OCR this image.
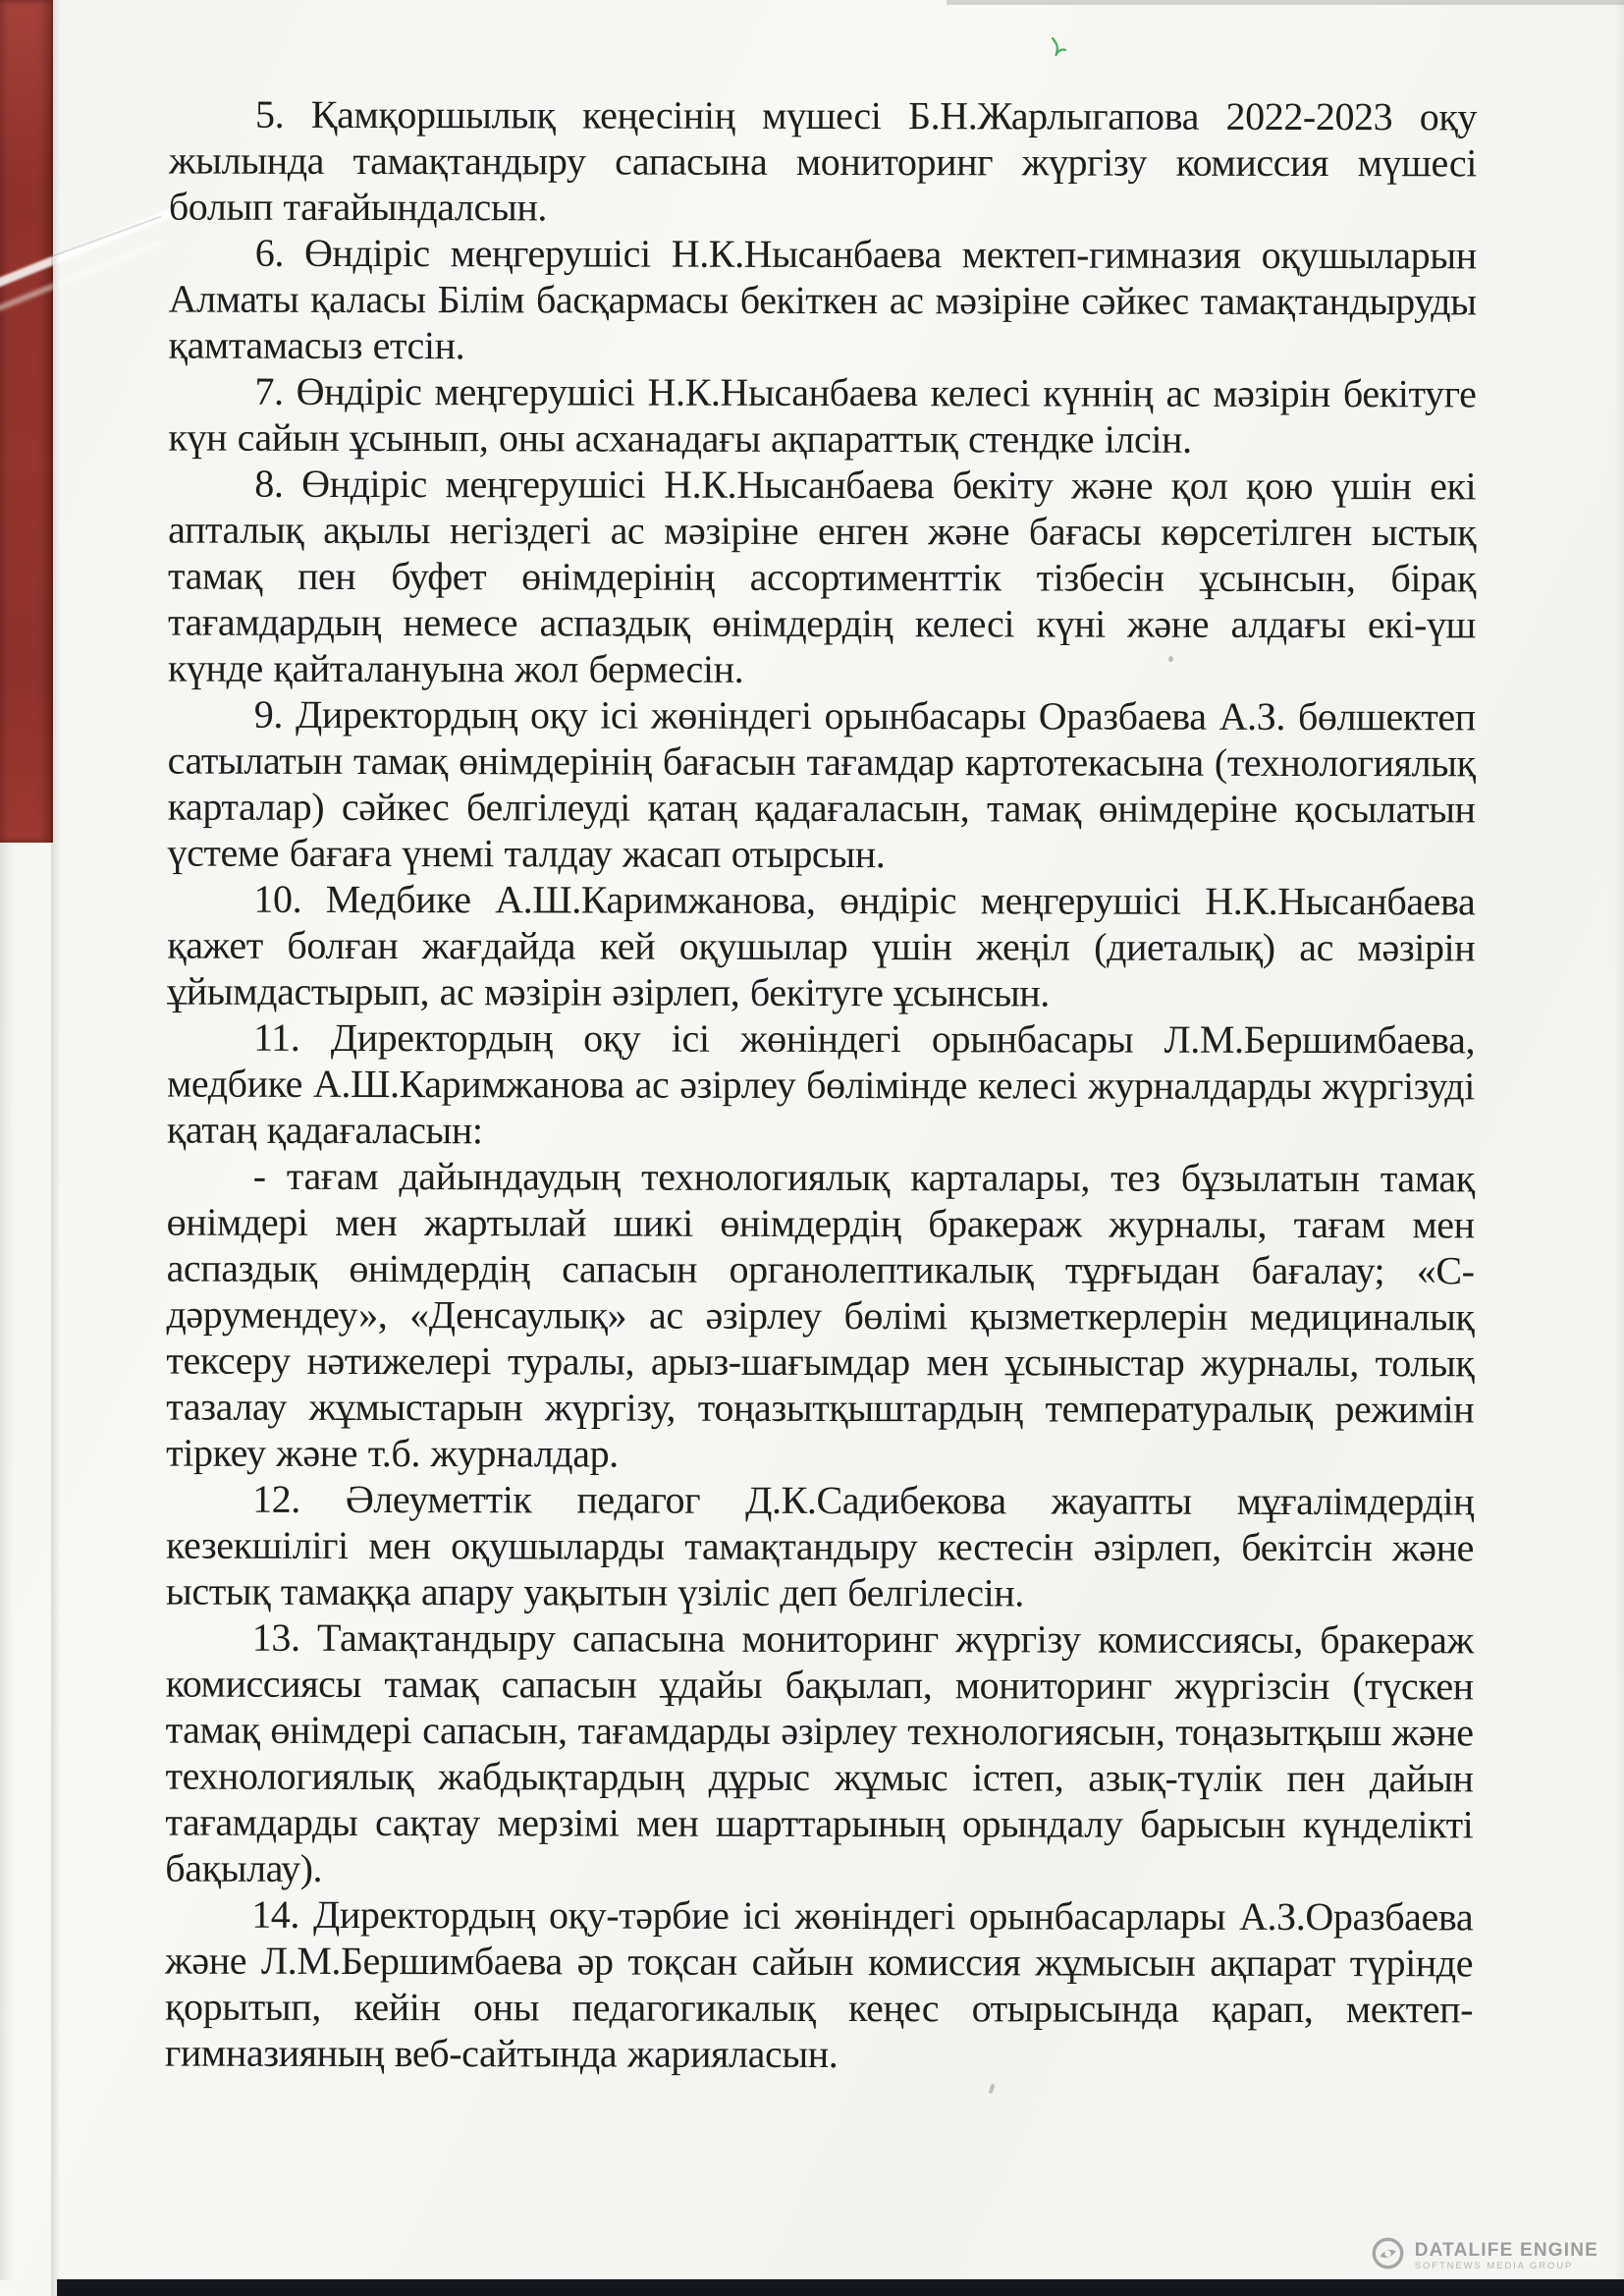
5. Қамқоршылық кеңесінің мүшесі Б.Н.Жарлыгапова 2022-2023 оқу жылында тамақтандыру сапасына мониторинг жүргізу комиссия мүшесі болып тағайындалсын.

6. Өндіріс меңгерушісі Н.К.Нысанбаева мектеп-гимназия оқушыларын Алматы қаласы Білім басқармасы бекіткен ас мәзіріне сәйкес тамақтандыруды қамтамасыз етсін.

7. Өндіріс меңгерушісі Н.К.Нысанбаева келесі күннің ас мәзірін бекітуге күн сайын ұсынып, оны асханадағы ақпараттық стендке ілсін.

8. Өндіріс меңгерушісі Н.К.Нысанбаева бекіту және қол қою үшін екі апталық ақылы негіздегі ас мәзіріне енген және бағасы көрсетілген ыстық тамақ пен буфет өнімдерінің ассортименттік тізбесін ұсынсын, бірақ тағамдардың немесе аспаздық өнімдердің келесі күні және алдағы екі-үш күнде қайталануына жол бермесін.

9. Директордың оқу ісі жөніндегі орынбасары Оразбаева А.З. бөлшектеп сатылатын тамақ өнімдерінің бағасын тағамдар картотекасына (технологиялық карталар) сәйкес белгілеуді қатаң қадағаласын, тамақ өнімдеріне қосылатын үстеме бағаға үнемі талдау жасап отырсын.

10. Медбике А.Ш.Каримжанова, өндіріс меңгерушісі Н.К.Нысанбаева қажет болған жағдайда кей оқушылар үшін жеңіл (диеталық) ас мәзірін ұйымдастырып, ас мәзірін әзірлеп, бекітуге ұсынсын.

11. Директордың оқу ісі жөніндегі орынбасары Л.М.Бершимбаева, медбике А.Ш.Каримжанова ас әзірлеу бөлімінде келесі журналдарды жүргізуді қатаң қадағаласын:

- тағам дайындаудың технологиялық карталары, тез бұзылатын тамақ өнімдері мен жартылай шикі өнімдердің бракераж журналы, тағам мен аспаздық өнімдердің сапасын органолептикалық тұрғыдан бағалау; «С-дәрумендеу», «Денсаулық» ас әзірлеу бөлімі қызметкерлерін медициналық тексеру нәтижелері туралы, арыз-шағымдар мен ұсыныстар журналы, толық тазалау жұмыстарын жүргізу, тоңазытқыштардың температуралық режимін тіркеу және т.б. журналдар.

12. Әлеуметтік педагог Д.К.Садибекова жауапты мұғалімдердің кезекшілігі мен оқушыларды тамақтандыру кестесін әзірлеп, бекітсін және ыстық тамаққа апару уақытын үзіліс деп белгілесін.

13. Тамақтандыру сапасына мониторинг жүргізу комиссиясы, бракераж комиссиясы тамақ сапасын ұдайы бақылап, мониторинг жүргізсін (түскен тамақ өнімдері сапасын, тағамдарды әзірлеу технологиясын, тоңазытқыш және технологиялық жабдықтардың дұрыс жұмыс істеп, азық-түлік пен дайын тағамдарды сақтау мерзімі мен шарттарының орындалу барысын күнделікті бақылау).

14. Директордың оқу-тәрбие ісі жөніндегі орынбасарлары А.З.Оразбаева және Л.М.Бершимбаева әр тоқсан сайын комиссия жұмысын ақпарат түрінде қорытып, кейін оны педагогикалық кеңес отырысында қарап, мектеп-гимназияның веб-сайтында жарияласын.

DATALIFE ENGINE
SOFTNEWS MEDIA GROUP
